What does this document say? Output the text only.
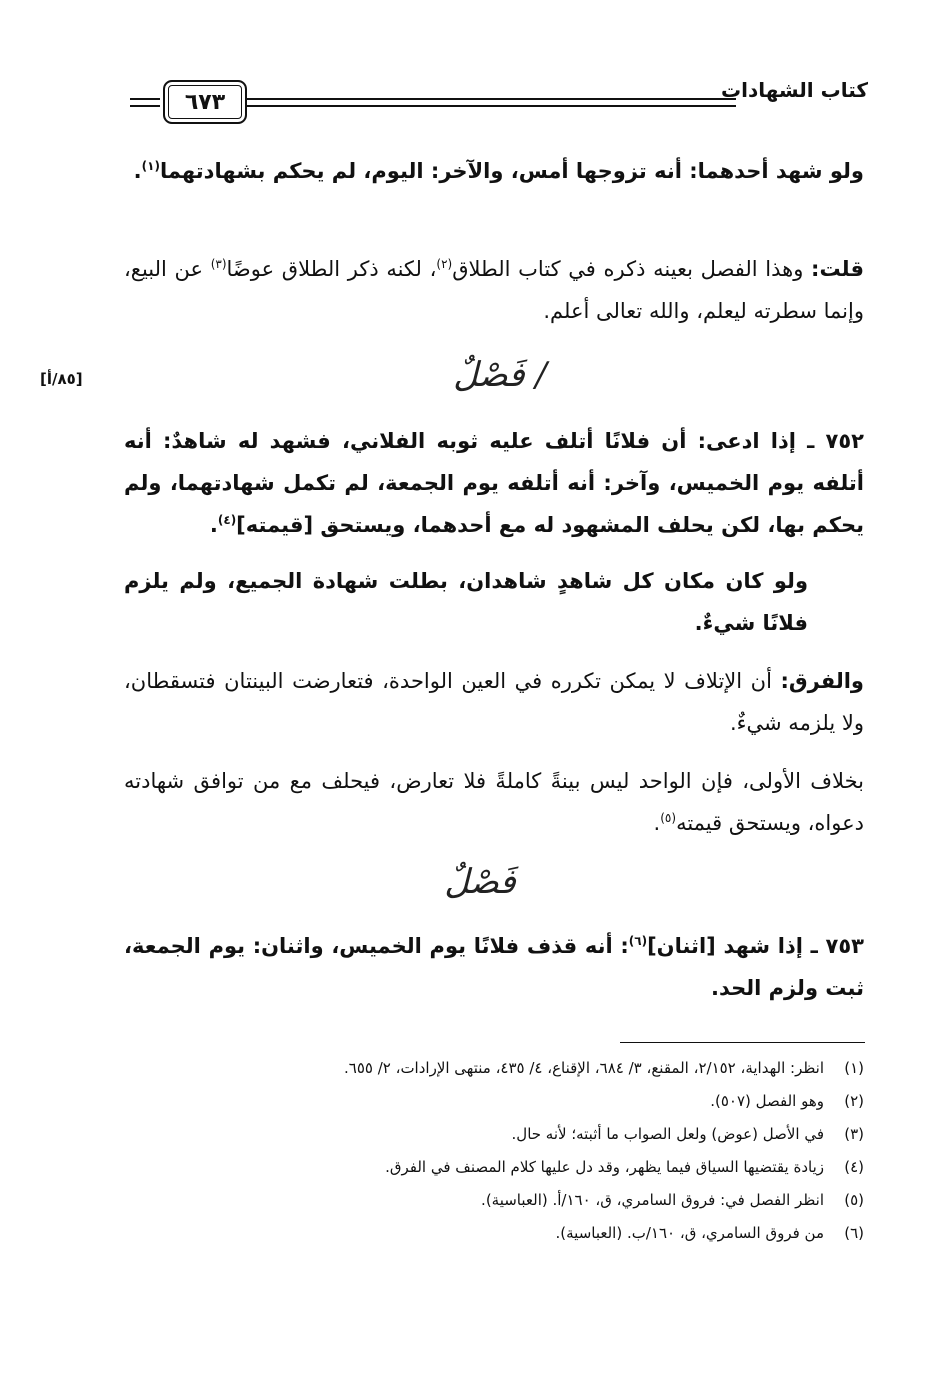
كتاب الشهادات
٦٧٣
ولو شهد أحدهما: أنه تزوجها أمس، والآخر: اليوم، لم يحكم بشهادتهما$^{(١)}$.
قلت: وهذا الفصل بعينه ذكره في كتاب الطلاق$^{(٢)}$، لكنه ذكر الطلاق عوضًا$^{(٣)}$ عن البيع، وإنما سطرته ليعلم، والله تعالى أعلم.
/ فَصْلٌ
[٨٥/أ]
٧٥٢ ـ إذا ادعى: أن فلانًا أتلف عليه ثوبه الفلاني، فشهد له شاهدٌ: أنه أتلفه يوم الخميس، وآخر: أنه أتلفه يوم الجمعة، لم تكمل شهادتهما، ولم يحكم بها، لكن يحلف المشهود له مع أحدهما، ويستحق [قيمته]$^{(٤)}$.
ولو كان مكان كل شاهدٍ شاهدان، بطلت شهادة الجميع، ولم يلزم فلانًا شيءٌ.
والفرق: أن الإتلاف لا يمكن تكرره في العين الواحدة، فتعارضت البينتان فتسقطان، ولا يلزمه شيءٌ.
بخلاف الأولى، فإن الواحد ليس بينةً كاملةً فلا تعارض، فيحلف مع من توافق شهادته دعواه، ويستحق قيمته$^{(٥)}$.
فَصْلٌ
٧٥٣ ـ إذا شهد [اثنان]$^{(٦)}$: أنه قذف فلانًا يوم الخميس، واثنان: يوم الجمعة، ثبت ولزم الحد.
(١)
انظر: الهداية، ٢/١٥٢، المقنع، ٣/ ٦٨٤، الإقناع، ٤/ ٤٣٥، منتهى الإرادات، ٢/ ٦٥٥.
(٢)
وهو الفصل (٥٠٧).
(٣)
في الأصل (عوض) ولعل الصواب ما أثبته؛ لأنه حال.
(٤)
زيادة يقتضيها السياق فيما يظهر، وقد دل عليها كلام المصنف في الفرق.
(٥)
انظر الفصل في: فروق السامري، ق، ١٦٠/أ. (العباسية).
(٦)
من فروق السامري، ق، ١٦٠/ب. (العباسية).
